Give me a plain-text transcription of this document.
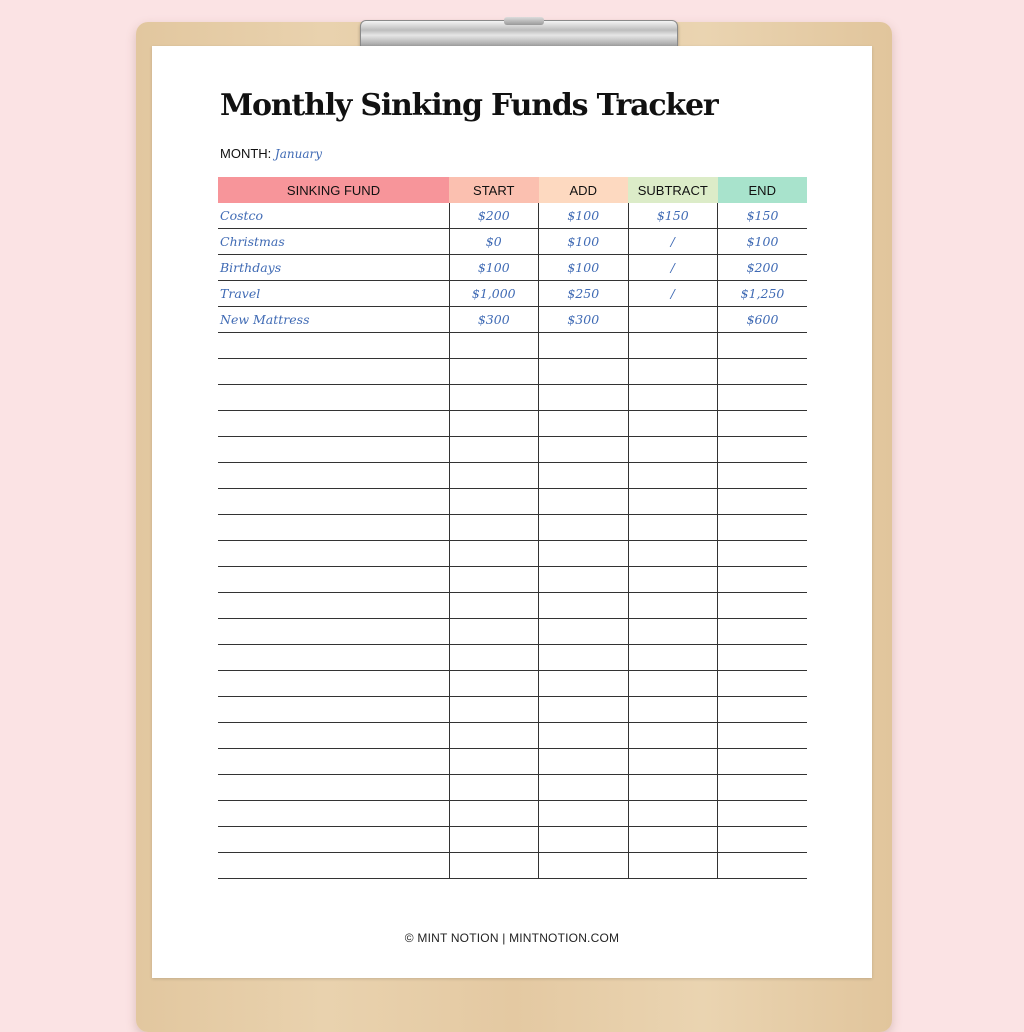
Monthly Sinking Funds Tracker
MONTH: January
SINKING FUND	START	ADD	SUBTRACT	END
Costco	$200	$100	$150	$150
Christmas	$0	$100	/	$100
Birthdays	$100	$100	/	$200
Travel	$1,000	$250	/	$1,250
New Mattress	$300	$300		$600

© MINT NOTION | MINTNOTION.COM
